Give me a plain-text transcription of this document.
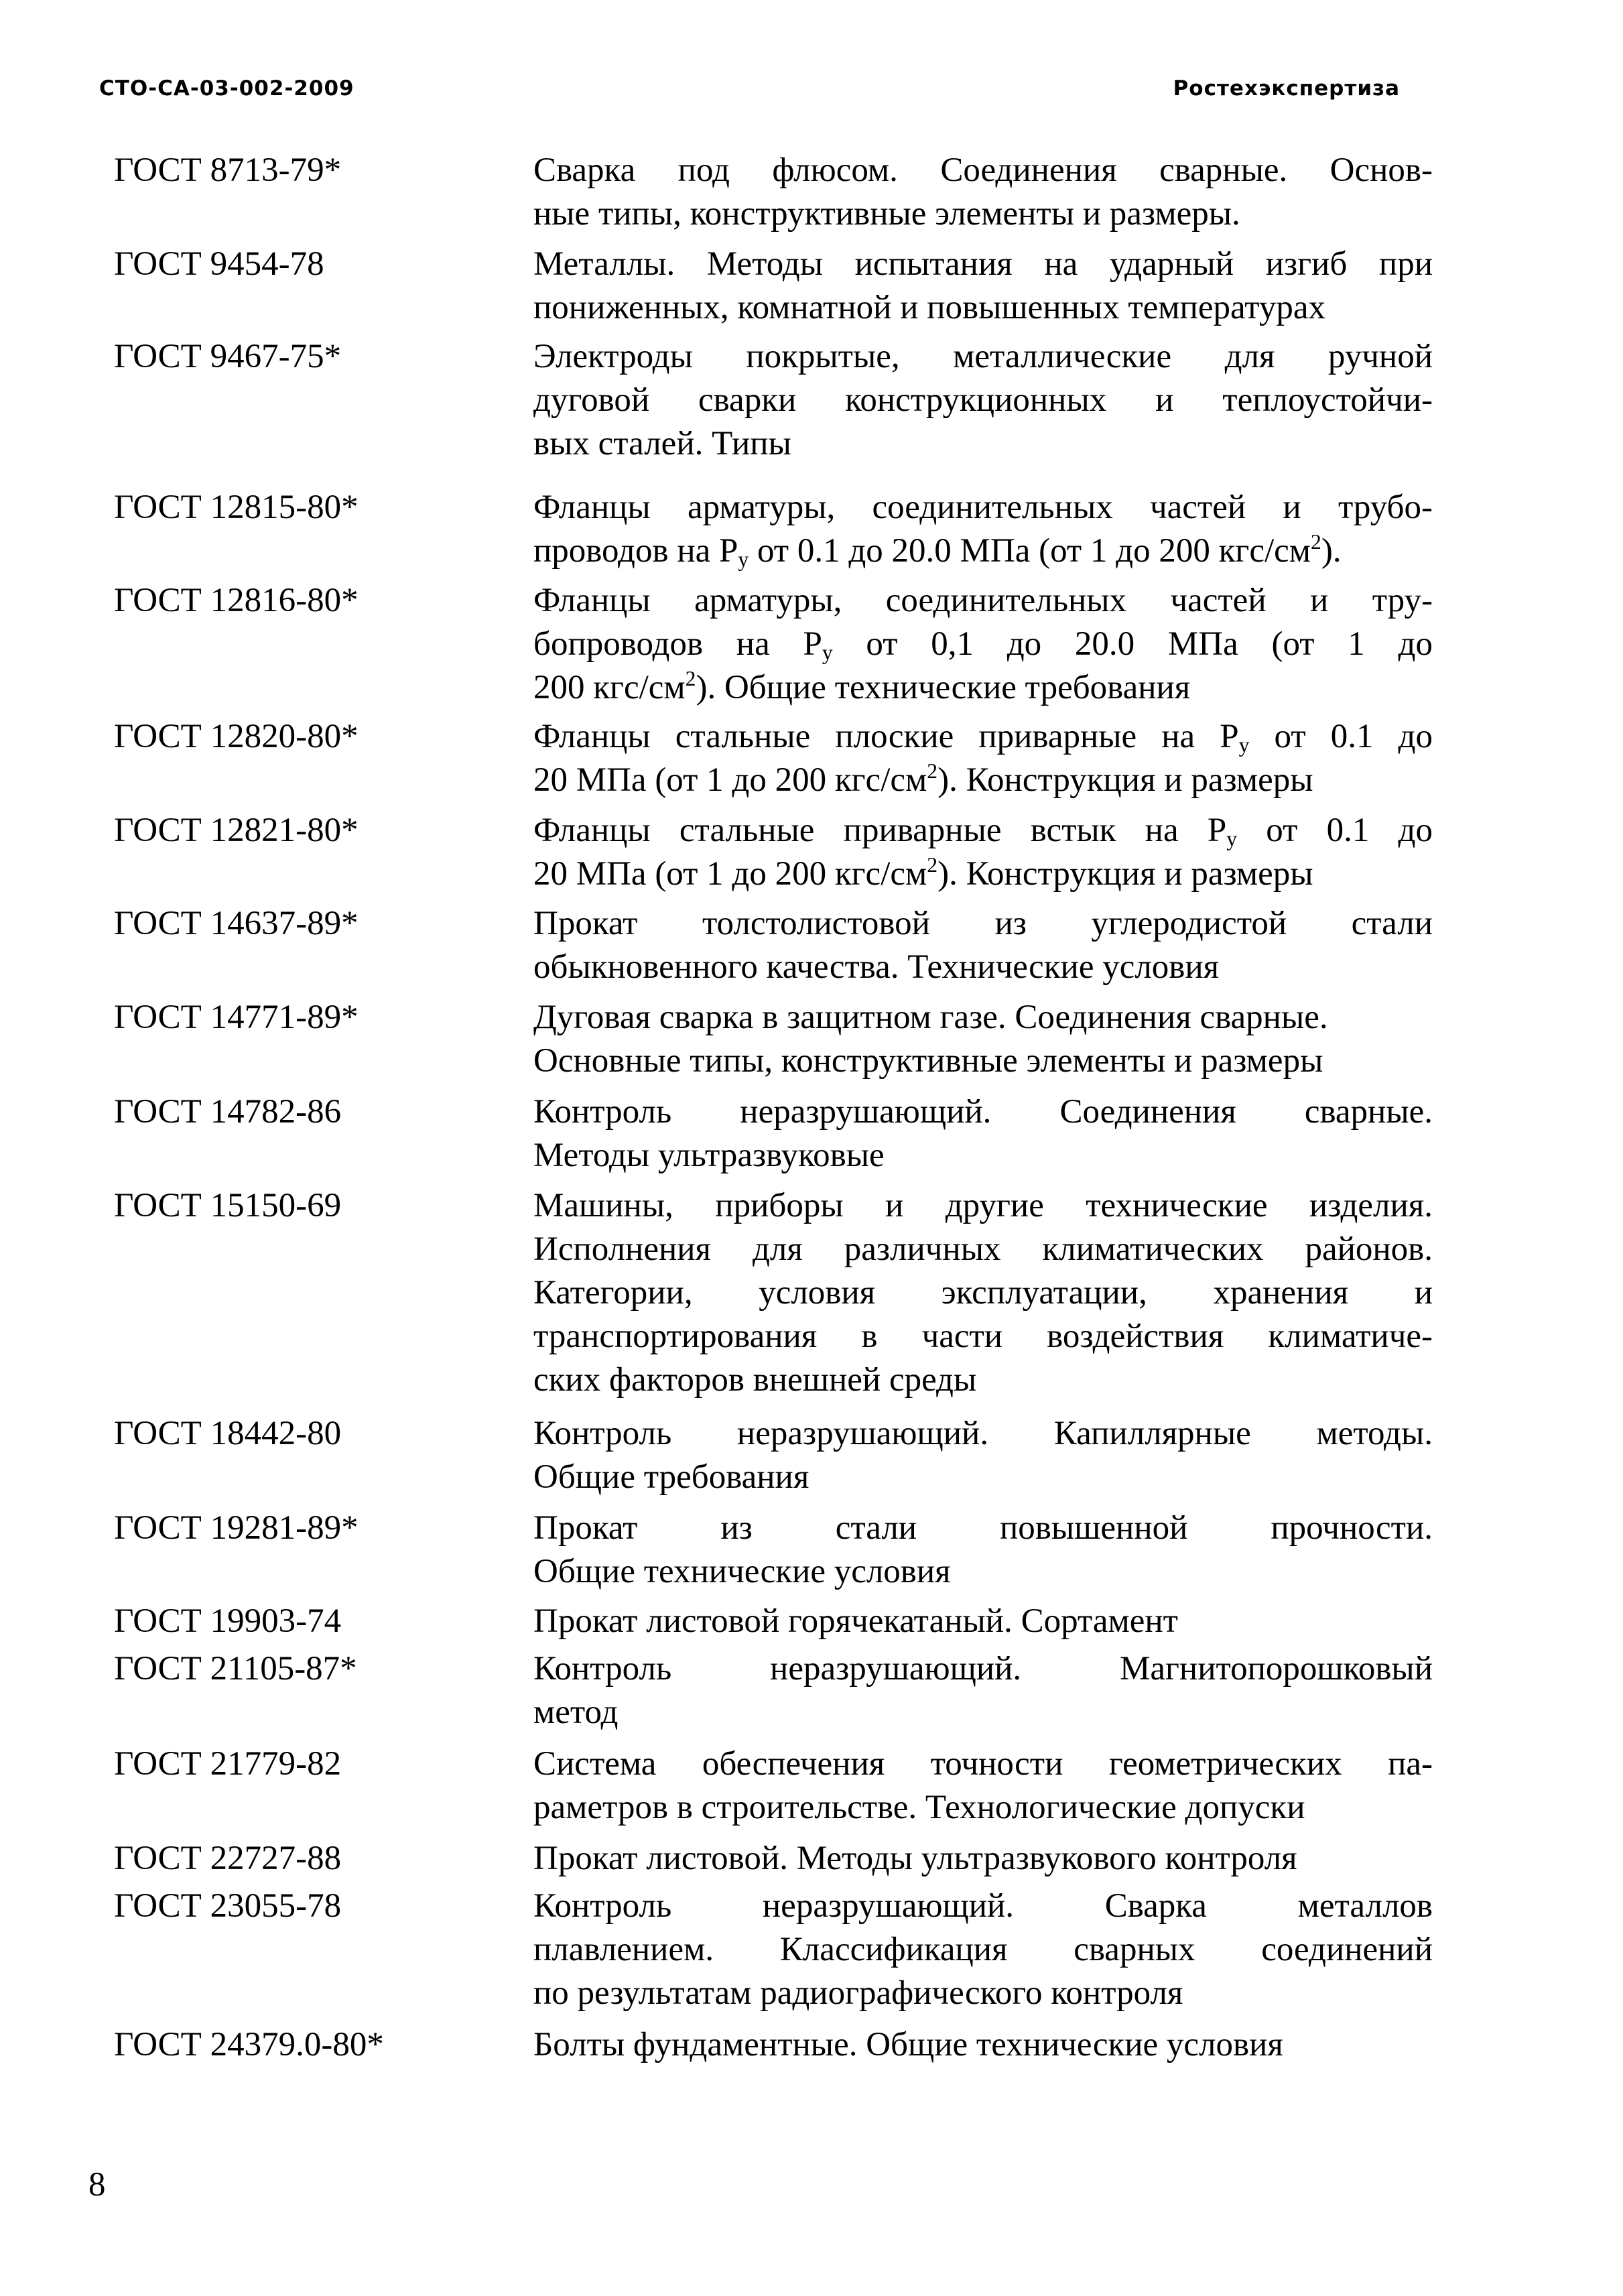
СТО-СА-03-002-2009	Ростехэкспертиза
ГОСТ 8713-79*	Сварка под флюсом. Соединения сварные. Основ-
ные типы, конструктивные элементы и размеры.
ГОСТ 9454-78	Металлы. Методы испытания на ударный изгиб при
пониженных, комнатной и повышенных температурах
ГОСТ 9467-75*	Электроды покрытые, металлические для ручной
дуговой сварки конструкционных и теплоустойчи-
вых сталей. Типы
ГОСТ 12815-80*	Фланцы арматуры, соединительных частей и трубо-
проводов на $Р_у$ от 0.1 до 20.0 МПа (от 1 до 200 кгс/$см^2$).
ГОСТ 12816-80*	Фланцы арматуры, соединительных частей и тру-
бопроводов на $Р_у$ от 0,1 до 20.0 МПа (от 1 до
200 кгс/$см^2$). Общие технические требования
ГОСТ 12820-80*	Фланцы стальные плоские приварные на $Р_у$ от 0.1 до
20 МПа (от 1 до 200 кгс/$см^2$). Конструкция и размеры
ГОСТ 12821-80*	Фланцы стальные приварные встык на $Р_у$ от 0.1 до
20 МПа (от 1 до 200 кгс/$см^2$). Конструкция и размеры
ГОСТ 14637-89*	Прокат толстолистовой из углеродистой стали
обыкновенного качества. Технические условия
ГОСТ 14771-89*	Дуговая сварка в защитном газе. Соединения сварные.
Основные типы, конструктивные элементы и размеры
ГОСТ 14782-86	Контроль неразрушающий. Соединения сварные.
Методы ультразвуковые
ГОСТ 15150-69	Машины, приборы и другие технические изделия.
Исполнения для различных климатических районов.
Категории, условия эксплуатации, хранения и
транспортирования в части воздействия климатиче-
ских факторов внешней среды
ГОСТ 18442-80	Контроль неразрушающий. Капиллярные методы.
Общие требования
ГОСТ 19281-89*	Прокат из стали повышенной прочности.
Общие технические условия
ГОСТ 19903-74	Прокат листовой горячекатаный. Сортамент
ГОСТ 21105-87*	Контроль неразрушающий. Магнитопорошковый
метод
ГОСТ 21779-82	Система обеспечения точности геометрических па-
раметров в строительстве. Технологические допуски
ГОСТ 22727-88	Прокат листовой. Методы ультразвукового контроля
ГОСТ 23055-78	Контроль неразрушающий. Сварка металлов
плавлением. Классификация сварных соединений
по результатам радиографического контроля
ГОСТ 24379.0-80*	Болты фундаментные. Общие технические условия
8
